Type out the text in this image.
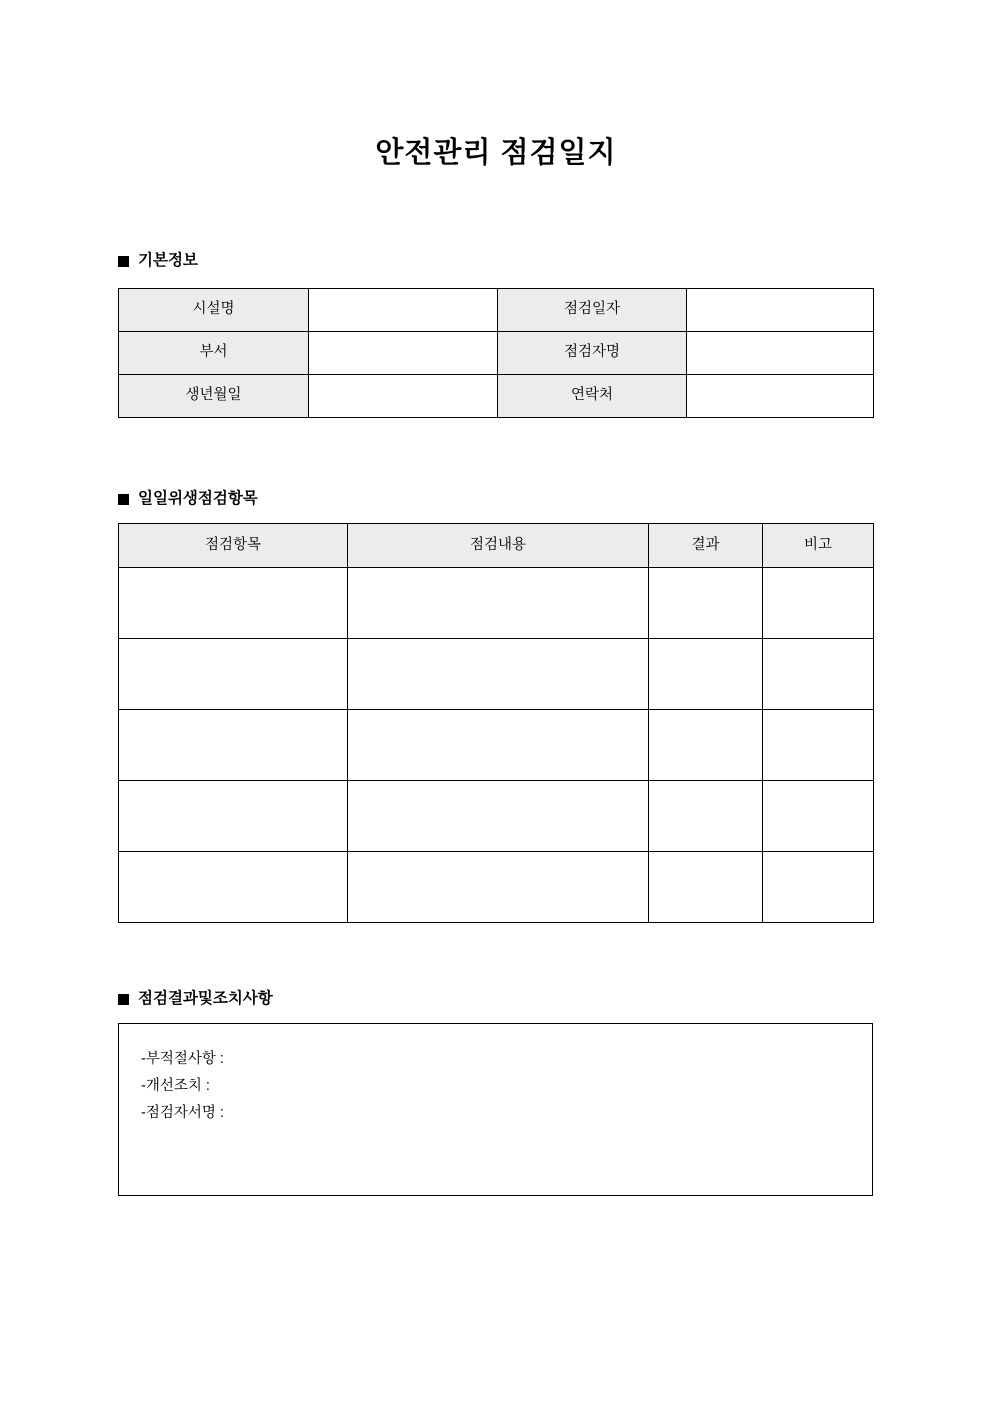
안전관리 점검일지
기본정보
시설명		점검일자	
부서		점검자명	
생년월일		연락처	
일일위생점검항목
점검항목	점검내용	결과	비고

점검결과및조치사항
-부적절사항 :
-개선조치 :
-점검자서명 :
